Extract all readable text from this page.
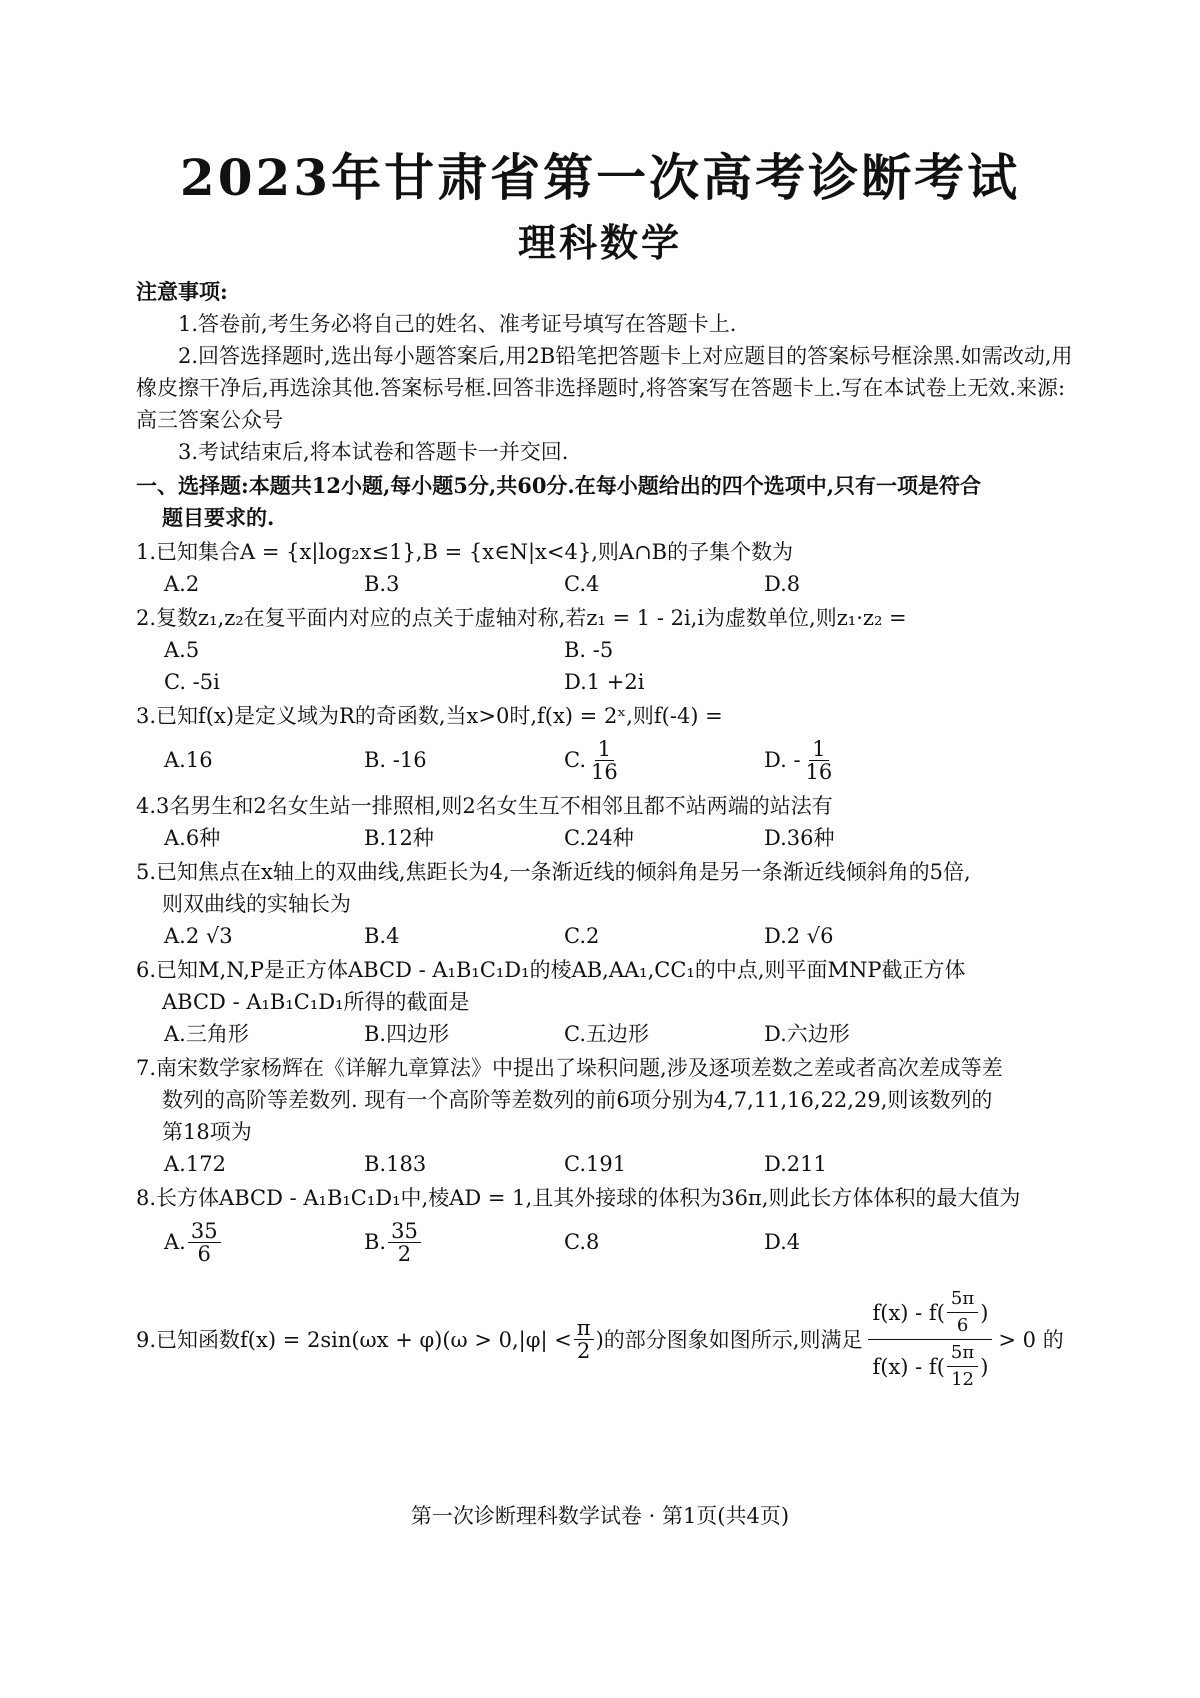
2023年甘肃省第一次高考诊断考试
理科数学
注意事项:
1.答卷前,考生务必将自己的姓名、准考证号填写在答题卡上.
2.回答选择题时,选出每小题答案后,用2B铅笔把答题卡上对应题目的答案标号框涂黑.如需改动,用橡皮擦干净后,再选涂其他.答案标号框.回答非选择题时,将答案写在答题卡上.写在本试卷上无效.来源: 高三答案公众号
3.考试结束后,将本试卷和答题卡一并交回.
一、选择题:本题共12小题,每小题5分,共60分.在每小题给出的四个选项中,只有一项是符合
题目要求的.
1.已知集合A = {x|log₂x≤1},B = {x∈N|x<4},则A∩B的子集个数为
A.2	B.3	C.4	D.8
2.复数z₁,z₂在复平面内对应的点关于虚轴对称,若z₁ = 1 - 2i,i为虚数单位,则z₁·z₂ =
A.5	B. -5
C. -5i	D.1 +2i
3.已知f(x)是定义域为R的奇函数,当x>0时,f(x) = 2ˣ,则f(-4) =
A.16	B. -16	C. $\frac{1}{16}$	D. - $\frac{1}{16}$
4.3名男生和2名女生站一排照相,则2名女生互不相邻且都不站两端的站法有
A.6种	B.12种	C.24种	D.36种
5.已知焦点在x轴上的双曲线,焦距长为4,一条渐近线的倾斜角是另一条渐近线倾斜角的5倍,
则双曲线的实轴长为
A.2 √3	B.4	C.2	D.2 √6
6.已知M,N,P是正方体ABCD - A₁B₁C₁D₁的棱AB,AA₁,CC₁的中点,则平面MNP截正方体
ABCD - A₁B₁C₁D₁所得的截面是
A.三角形	B.四边形	C.五边形	D.六边形
7.南宋数学家杨辉在《详解九章算法》中提出了垛积问题,涉及逐项差数之差或者高次差成等差
数列的高阶等差数列. 现有一个高阶等差数列的前6项分别为4,7,11,16,22,29,则该数列的
第18项为
A.172	B.183	C.191	D.211
8.长方体ABCD - A₁B₁C₁D₁中,棱AD = 1,且其外接球的体积为36π,则此长方体体积的最大值为
A. $\frac{35}{6}$	B. $\frac{35}{2}$	C.8	D.4
9.已知函数$f(x) = 2\sin(\omega x + \varphi)(\omega > 0,|\varphi| < \frac{\pi}{2}$ )的部分图象如图所示,则满足
$f(x) - f( \frac{5\pi}{6}$ )
$f(x) - f( \frac{5\pi}{12}$ )
> 0 的
第一次诊断理科数学试卷 · 第1页(共4页)
